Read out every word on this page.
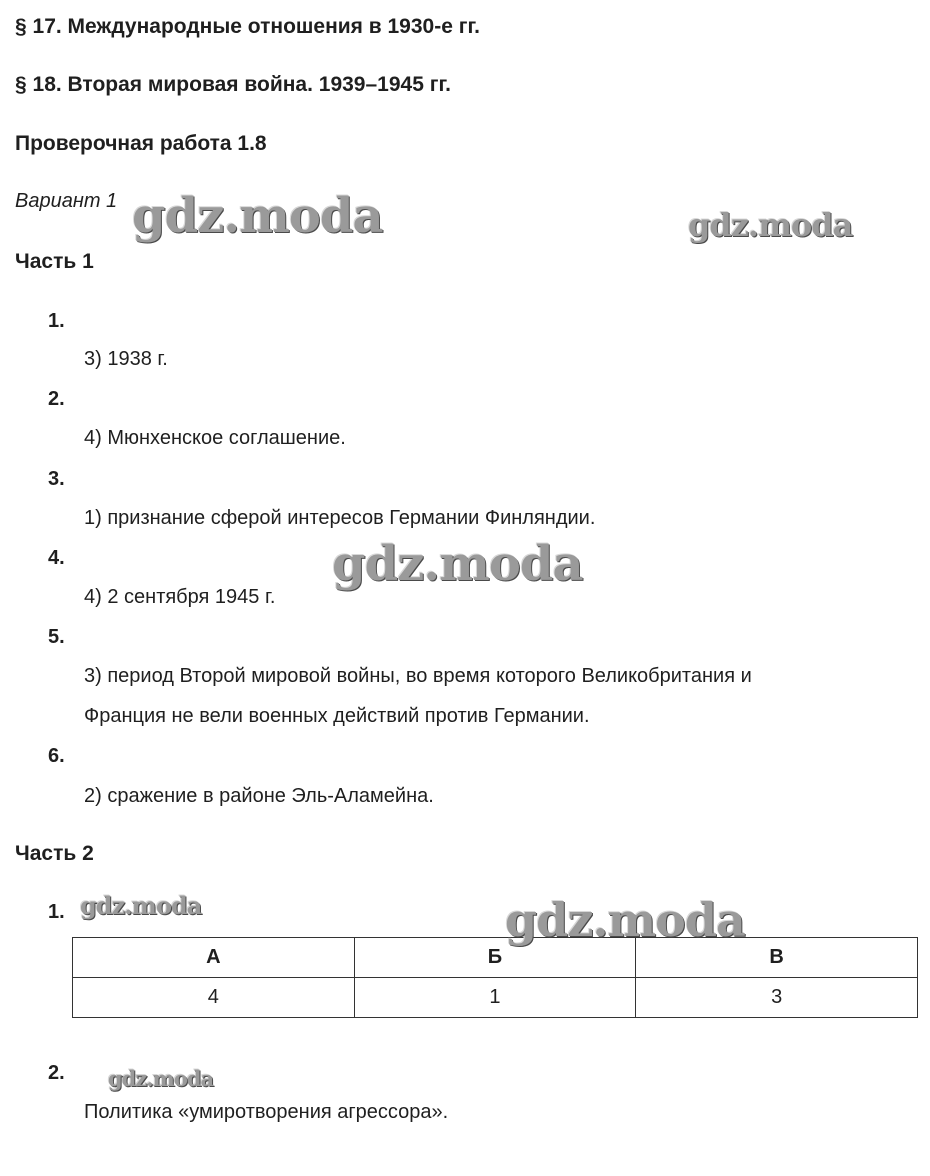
§ 17. Международные отношения в 1930-е гг.
§ 18. Вторая мировая война. 1939–1945 гг.
Проверочная работа 1.8
Вариант 1
Часть 1
1.
3) 1938 г.
2.
4) Мюнхенское соглашение.
3.
1) признание сферой интересов Германии Финляндии.
4.
4) 2 сентября 1945 г.
5.
3) период Второй мировой войны, во время которого Великобритания и
Франция не вели военных действий против Германии.
6.
2) сражение в районе Эль-Аламейна.
Часть 2
1.
А	Б	В
4	1	3
2.
Политика «умиротворения агрессора».
gdz.moda	gdz.moda
gdz.moda
gdz.moda	gdz.moda
gdz.moda
